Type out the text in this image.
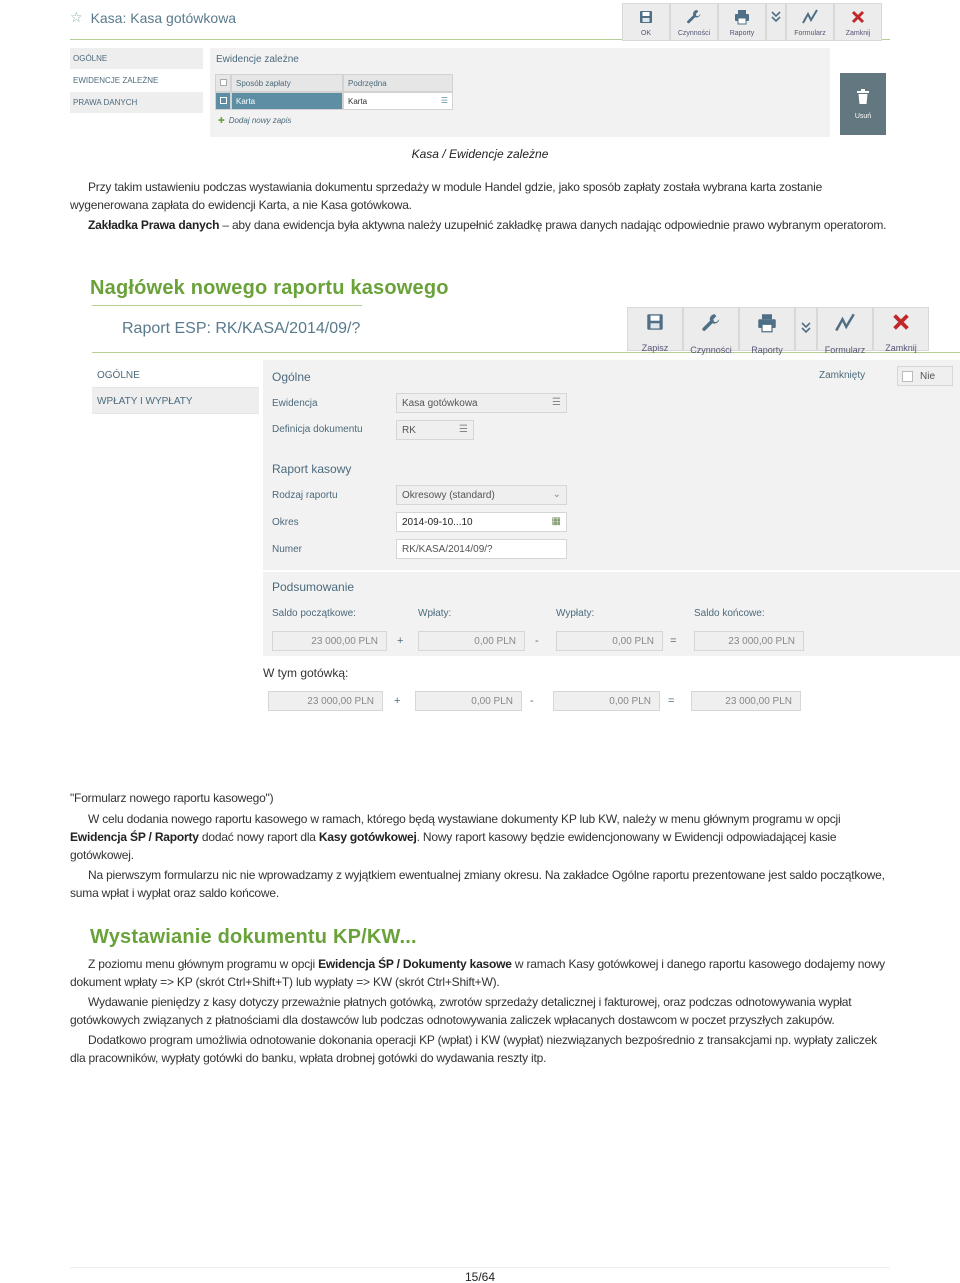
☆ Kasa: Kasa gotówkowa
OK	Czynności	Raporty	Formularz	Zamknij
OGÓLNE
EWIDENCJE ZALEŻNE
PRAWA DANYCH
Ewidencje zależne
Sposób zapłaty	Podrzędna
Karta	Karta	☰
✚ Dodaj nowy zapis	Usuń
Kasa / Ewidencje zależne
Przy takim ustawieniu podczas wystawiania dokumentu sprzedaży w module Handel gdzie, jako sposób zapłaty została wybrana karta zostanie wygenerowana zapłata do ewidencji Karta, a nie Kasa gotówkowa.
Zakładka Prawa danych – aby dana ewidencja była aktywna należy uzupełnić zakładkę prawa danych nadając odpowiednie prawo wybranym operatorom.
Nagłówek nowego raportu kasowego
Raport ESP: RK/KASA/2014/09/?
Zapisz Czynności Raporty	Formularz Zamknij
OGÓLNE
WPŁATY I WYPŁATY
Ogólne	Zamknięty	Nie
Ewidencja	Kasa gotówkowa	☰
Definicja dokumentu	RK	☰
Raport kasowy
Rodzaj raportu	Okresowy (standard)	⌄
Okres	2014-09-10...10	▦
Numer	RK/KASA/2014/09/?
Podsumowanie
Saldo początkowe:	Wpłaty:	Wypłaty:	Saldo końcowe:
23 000,00 PLN	+	0,00 PLN	-	0,00 PLN	=	23 000,00 PLN
W tym gotówką:
23 000,00 PLN	+	0,00 PLN	-	0,00 PLN	=	23 000,00 PLN
"Formularz nowego raportu kasowego")
W celu dodania nowego raportu kasowego w ramach, którego będą wystawiane dokumenty KP lub KW, należy w menu głównym programu w opcji Ewidencja ŚP / Raporty dodać nowy raport dla Kasy gotówkowej. Nowy raport kasowy będzie ewidencjonowany w Ewidencji odpowiadającej kasie gotówkowej.
Na pierwszym formularzu nic nie wprowadzamy z wyjątkiem ewentualnej zmiany okresu. Na zakładce Ogólne raportu prezentowane jest saldo początkowe, suma wpłat i wypłat oraz saldo końcowe.
Wystawianie dokumentu KP/KW...
Z poziomu menu głównym programu w opcji Ewidencja ŚP / Dokumenty kasowe w ramach Kasy gotówkowej i danego raportu kasowego dodajemy nowy dokument wpłaty => KP (skrót Ctrl+Shift+T) lub wypłaty => KW (skrót Ctrl+Shift+W).
Wydawanie pieniędzy z kasy dotyczy przeważnie płatnych gotówką, zwrotów sprzedaży detalicznej i fakturowej, oraz podczas odnotowywania wypłat gotówkowych związanych z płatnościami dla dostawców lub podczas odnotowywania zaliczek wpłacanych dostawcom w poczet przyszłych zakupów.
Dodatkowo program umożliwia odnotowanie dokonania operacji KP (wpłat) i KW (wypłat) niezwiązanych bezpośrednio z transakcjami np. wypłaty zaliczek dla pracowników, wypłaty gotówki do banku, wpłata drobnej gotówki do wydawania reszty itp.
15/64
